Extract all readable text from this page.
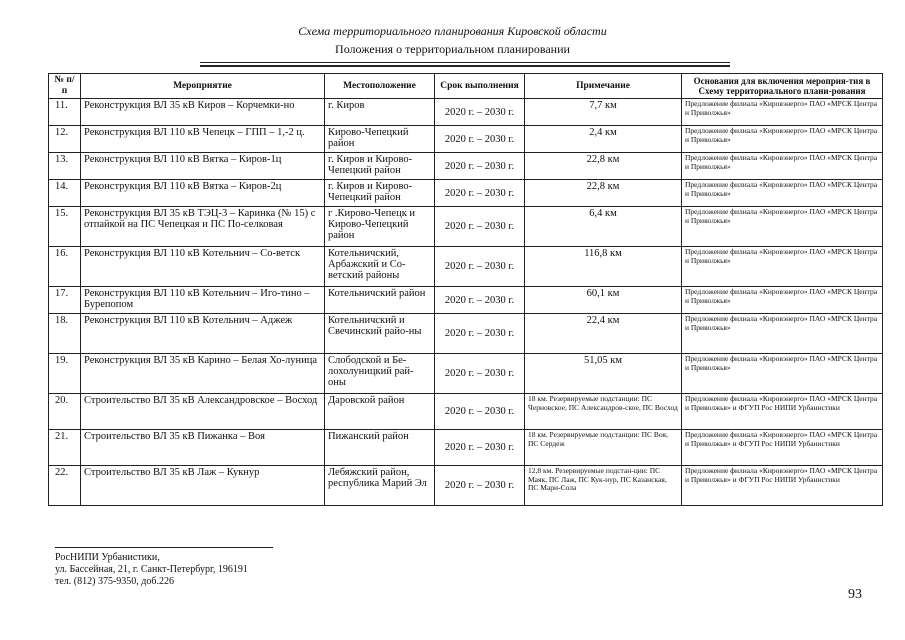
Схема территориального планирования Кировской области
Положения о территориальном планировании
№ п/п	Мероприятие	Местоположение	Срок выполнения	Примечание	Основания для включения мероприя-тия в Схему территориального плани-рования
11.	Реконструкция ВЛ 35 кВ Киров – Корчемки-но	г. Киров	2020 г. – 2030 г.	7,7 км	Предложение филиала «Кировэнерго» ПАО «МРСК Центра и Приволжья»
12.	Реконструкция ВЛ 110 кВ Чепецк – ГПП – 1,-2 ц.	Кирово-Чепецкий район	2020 г. – 2030 г.	2,4 км	Предложение филиала «Кировэнерго» ПАО «МРСК Центра и Приволжья»
13.	Реконструкция ВЛ 110 кВ Вятка – Киров-1ц	г. Киров и Кирово-Чепецкий район	2020 г. – 2030 г.	22,8 км	Предложение филиала «Кировэнерго» ПАО «МРСК Центра и Приволжья»
14.	Реконструкция ВЛ 110 кВ Вятка – Киров-2ц	г. Киров и Кирово-Чепецкий район	2020 г. – 2030 г.	22,8 км	Предложение филиала «Кировэнерго» ПАО «МРСК Центра и Приволжья»
15.	Реконструкция ВЛ 35 кВ ТЭЦ-3 – Каринка (№ 15) с отпайкой на ПС Чепецкая и ПС По-селковая	г .Кирово-Чепецк и Кирово-Чепецкий район	2020 г. – 2030 г.	6,4 км	Предложение филиала «Кировэнерго» ПАО «МРСК Центра и Приволжья»
16.	Реконструкция ВЛ 110 кВ Котельнич – Со-ветск	Котельничский, Арбажский и Со-ветский районы	2020 г. – 2030 г.	116,8 км	Предложение филиала «Кировэнерго» ПАО «МРСК Центра и Приволжья»
17.	Реконструкция ВЛ 110 кВ Котельнич – Иго-тино – Бурепопом	Котельничский район	2020 г. – 2030 г.	60,1 км	Предложение филиала «Кировэнерго» ПАО «МРСК Центра и Приволжья»
18.	Реконструкция ВЛ 110 кВ Котельнич – Аджеж	Котельничский и Свечинский райо-ны	2020 г. – 2030 г.	22,4 км	Предложение филиала «Кировэнерго» ПАО «МРСК Центра и Приволжья»
19.	Реконструкция ВЛ 35 кВ Карино – Белая Хо-луница	Слободской и Бе-лохолуницкий рай-оны	2020 г. – 2030 г.	51,05 км	Предложение филиала «Кировэнерго» ПАО «МРСК Центра и Приволжья»
20.	Строительство ВЛ 35 кВ Александровское – Восход	Даровской район	2020 г. – 2030 г.	18 км. Резервируемые подстанции: ПС Черновское, ПС Александров-ское, ПС Восход	Предложение филиала «Кировэнерго» ПАО «МРСК Центра и Приволжья» и ФГУП Рос НИПИ Урбанистики
21.	Строительство ВЛ 35 кВ Пижанка – Воя	Пижанский район	2020 г. – 2030 г.	18 км. Резервируемые подстанции: ПС Воя, ПС Сердеж	Предложение филиала «Кировэнерго» ПАО «МРСК Центра и Приволжья» и ФГУП Рос НИПИ Урбанистики
22.	Строительство ВЛ 35 кВ Лаж – Кукнур	Лебяжский район, республика Марий Эл	2020 г. – 2030 г.	12,8 км. Резервируемые подстан-ции: ПС Маяк, ПС Лаж, ПС Кук-нур, ПС Казанская, ПС Мари-Сола	Предложение филиала «Кировэнерго» ПАО «МРСК Центра и Приволжья» и ФГУП Рос НИПИ Урбанистики
РосНИПИ Урбанистики,
ул. Бассейная, 21, г. Санкт-Петербург, 196191
тел. (812) 375-9350, доб.226
93
